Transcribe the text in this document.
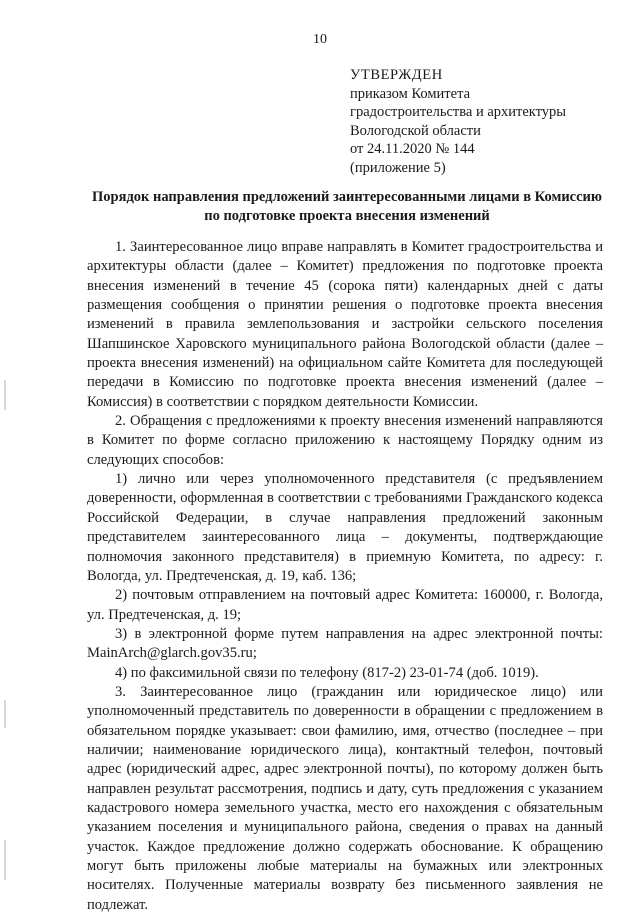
10
УТВЕРЖДЕН
приказом Комитета
градостроительства и архитектуры
Вологодской области
от 24.11.2020 № 144
(приложение 5)
Порядок направления предложений заинтересованными лицами в Комиссию по подготовке проекта внесения изменений

1. Заинтересованное лицо вправе направлять в Комитет градостроительства и архитектуры области (далее – Комитет) предложения по подготовке проекта внесения изменений в течение 45 (сорока пяти) календарных дней с даты размещения сообщения о принятии решения о подготовке проекта внесения изменений в правила землепользования и застройки сельского поселения Шапшинское Харовского муниципального района Вологодской области (далее – проекта внесения изменений) на официальном сайте Комитета для последующей передачи в Комиссию по подготовке проекта внесения изменений (далее – Комиссия) в соответствии с порядком деятельности Комиссии.

2. Обращения с предложениями к проекту внесения изменений направляются в Комитет по форме согласно приложению к настоящему Порядку одним из следующих способов:

1) лично или через уполномоченного представителя (с предъявлением доверенности, оформленная в соответствии с требованиями Гражданского кодекса Российской Федерации, в случае направления предложений законным представителем заинтересованного лица – документы, подтверждающие полномочия законного представителя) в приемную Комитета, по адресу: г. Вологда, ул. Предтеченская, д. 19, каб. 136;

2) почтовым отправлением на почтовый адрес Комитета: 160000, г. Вологда, ул. Предтеченская, д. 19;

3) в электронной форме путем направления на адрес электронной почты: MainArch@glarch.gov35.ru;

4) по факсимильной связи по телефону (817-2) 23-01-74 (доб. 1019).

3. Заинтересованное лицо (гражданин или юридическое лицо) или уполномоченный представитель по доверенности в обращении с предложением в обязательном порядке указывает: свои фамилию, имя, отчество (последнее – при наличии; наименование юридического лица), контактный телефон, почтовый адрес (юридический адрес, адрес электронной почты), по которому должен быть направлен результат рассмотрения, подпись и дату, суть предложения с указанием кадастрового номера земельного участка, место его нахождения с обязательным указанием поселения и муниципального района, сведения о правах на данный участок. Каждое предложение должно содержать обоснование. К обращению могут быть приложены любые материалы на бумажных или электронных носителях. Полученные материалы возврату без письменного заявления не подлежат.
